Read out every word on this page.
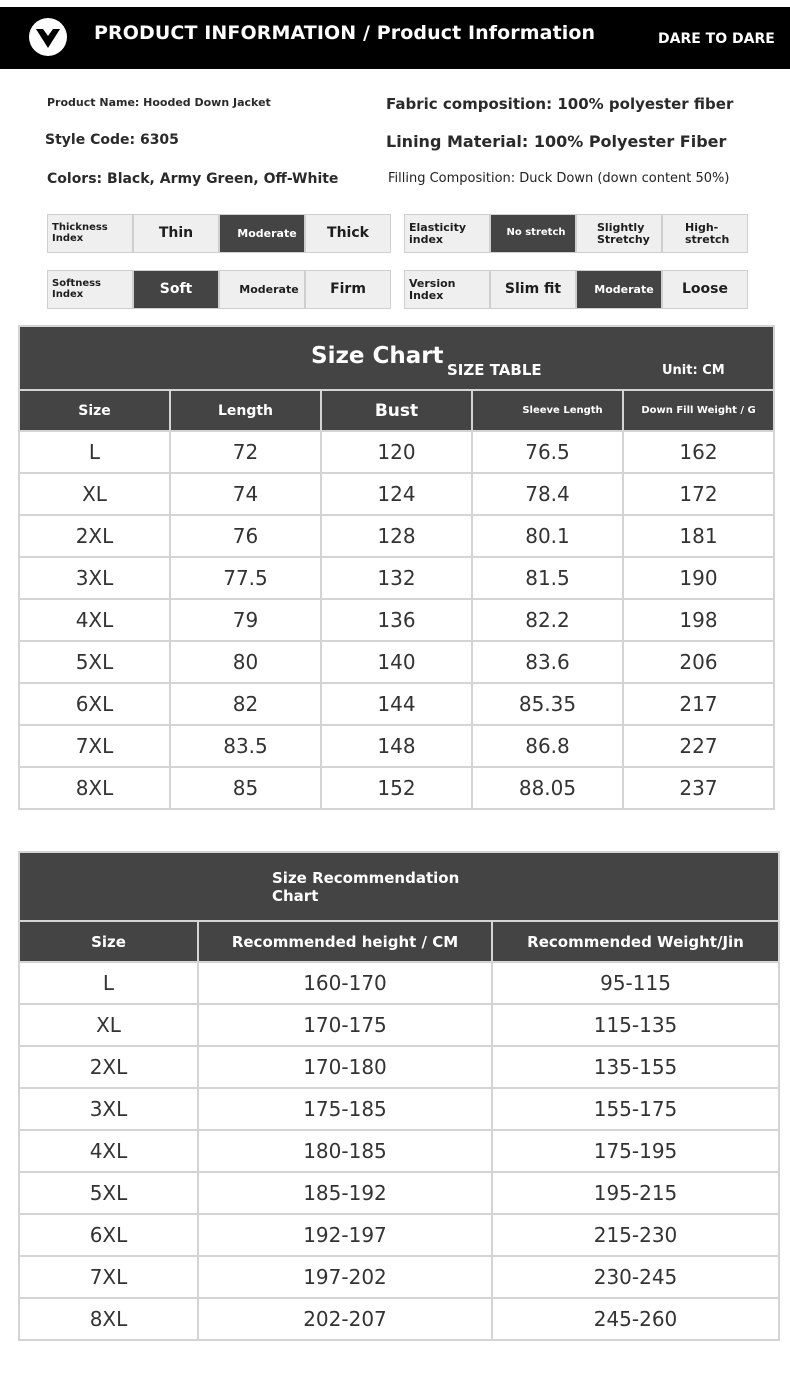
PRODUCT INFORMATION / Product Information	DARE TO DARE
Product Name: Hooded Down Jacket
Style Code: 6305
Colors: Black, Army Green, Off-White
Fabric composition: 100% polyester fiber
Lining Material: 100% Polyester Fiber
Filling Composition: Duck Down (down content 50%)
Thickness Index	Thin	Moderate	Thick	Elasticity index	No stretch	Slightly Stretchy
High-stretch
Softness Index	Soft	Moderate	Firm	Version Index	Slim fit	Moderate	Loose
Size Chart
SIZE TABLE Unit: CM				

Size	Length	Bust	Sleeve Length	Down Fill Weight / G
L	72	120	76.5	162
XL	74	124	78.4	172
2XL	76	128	80.1	181
3XL	77.5	132	81.5	190
4XL	79	136	82.2	198
5XL	80	140	83.6	206
6XL	82	144	85.35	217
7XL	83.5	148	86.8	227
8XL	85	152	88.05	237
Size Recommendation Chart		

Size	Recommended height / CM	Recommended Weight/Jin
L	160-170	95-115
XL	170-175	115-135
2XL	170-180	135-155
3XL	175-185	155-175
4XL	180-185	175-195
5XL	185-192	195-215
6XL	192-197	215-230
7XL	197-202	230-245
8XL	202-207	245-260
